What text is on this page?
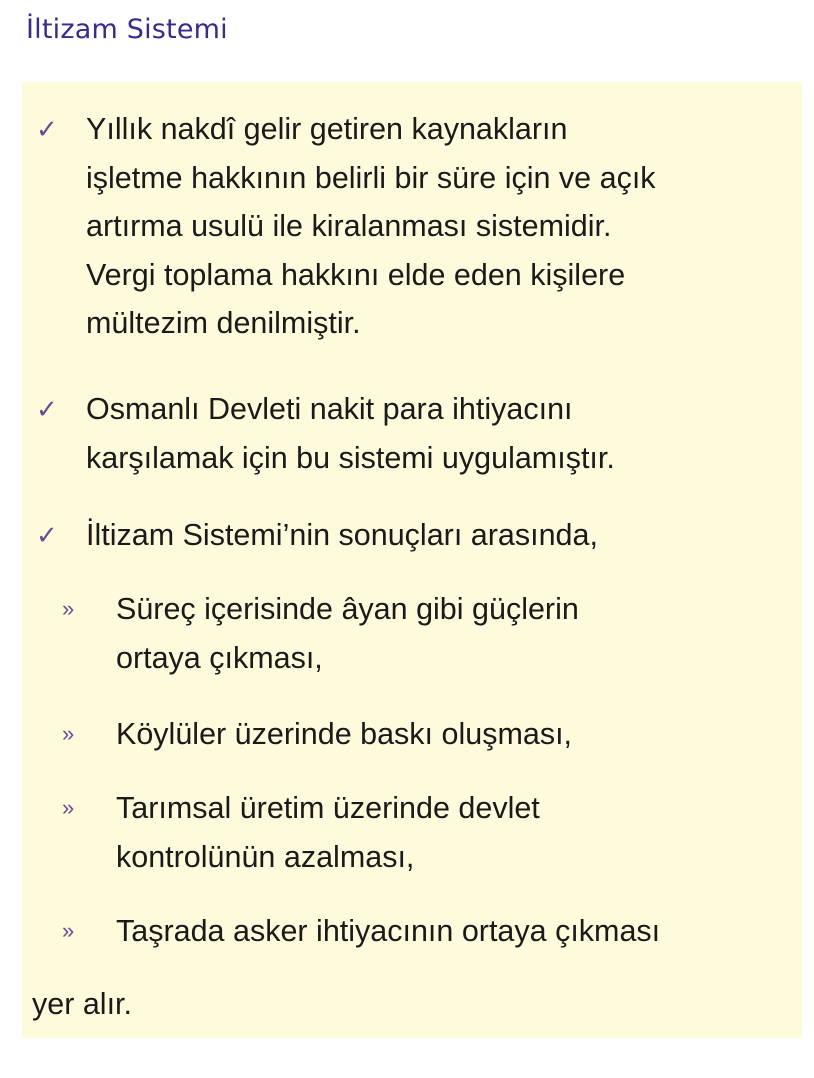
İltizam Sistemi
✓ Yıllık nakdî gelir getiren kaynakların
işletme hakkının belirli bir süre için ve açık
artırma usulü ile kiralanması sistemidir.
Vergi toplama hakkını elde eden kişilere
mültezim denilmiştir.
✓ Osmanlı Devleti nakit para ihtiyacını
karşılamak için bu sistemi uygulamıştır.
✓ İltizam Sistemi’nin sonuçları arasında,
» Süreç içerisinde âyan gibi güçlerin
ortaya çıkması,
» Köylüler üzerinde baskı oluşması,
» Tarımsal üretim üzerinde devlet
kontrolünün azalması,
» Taşrada asker ihtiyacının ortaya çıkması

yer alır.
